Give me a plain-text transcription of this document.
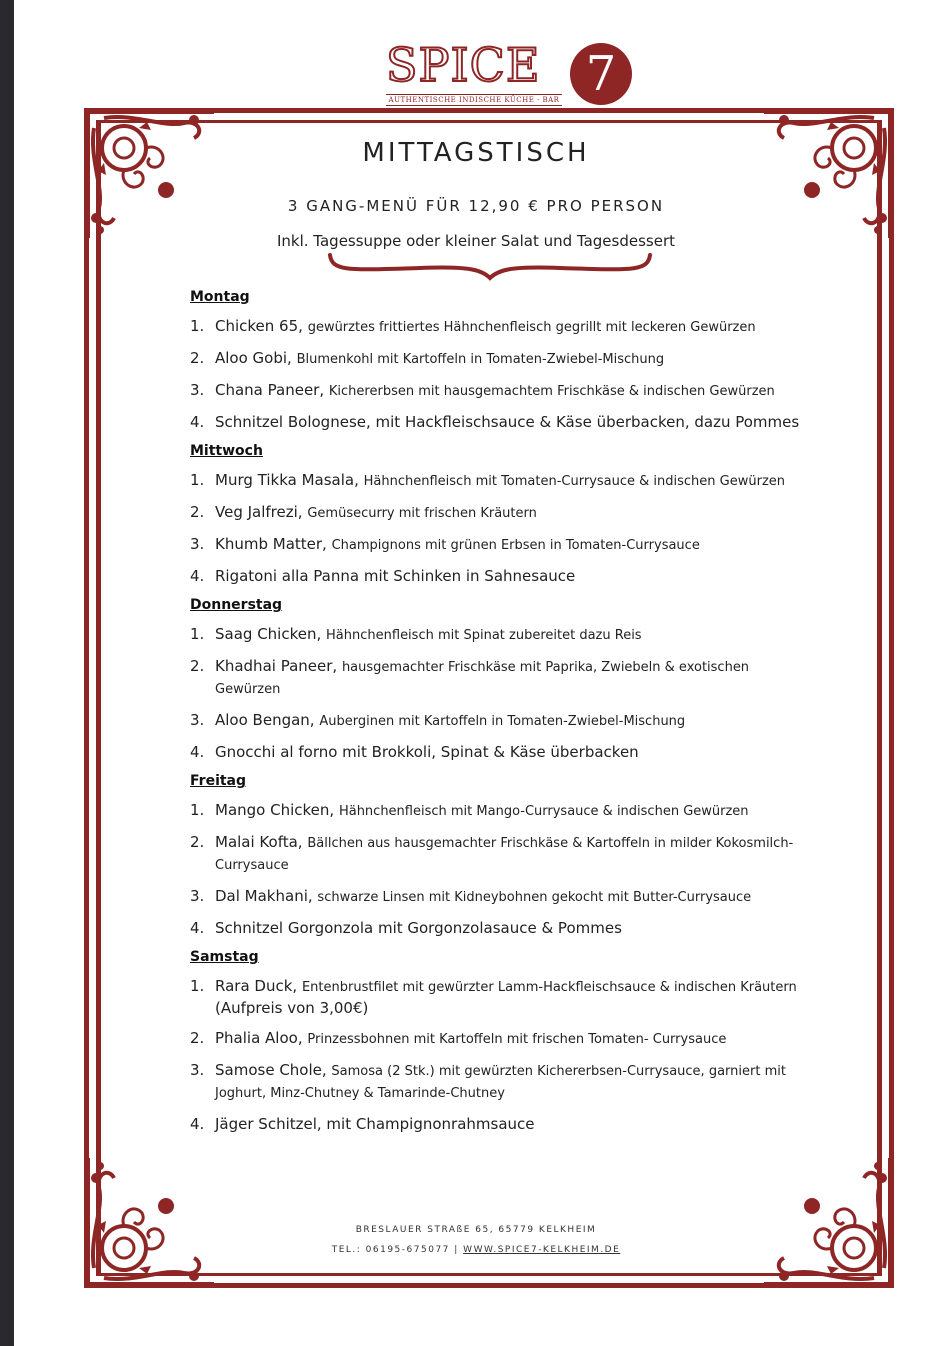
SPICE 7
AUTHENTISCHE INDISCHE KÜCHE · BAR
MITTAGSTISCH
3 GANG-MENÜ FÜR 12,90 € PRO PERSON
Inkl. Tagessuppe oder kleiner Salat und Tagesdessert
Montag
1. Chicken 65, gewürztes frittiertes Hähnchenfleisch gegrillt mit leckeren Gewürzen
2. Aloo Gobi, Blumenkohl mit Kartoffeln in Tomaten-Zwiebel-Mischung
3. Chana Paneer, Kichererbsen mit hausgemachtem Frischkäse & indischen Gewürzen
4. Schnitzel Bolognese, mit Hackfleischsauce & Käse überbacken, dazu Pommes
Mittwoch
1. Murg Tikka Masala, Hähnchenfleisch mit Tomaten-Currysauce & indischen Gewürzen
2. Veg Jalfrezi, Gemüsecurry mit frischen Kräutern
3. Khumb Matter, Champignons mit grünen Erbsen in Tomaten-Currysauce
4. Rigatoni alla Panna mit Schinken in Sahnesauce
Donnerstag
1. Saag Chicken, Hähnchenfleisch mit Spinat zubereitet dazu Reis
2. Khadhai Paneer, hausgemachter Frischkäse mit Paprika, Zwiebeln & exotischen Gewürzen
3. Aloo Bengan, Auberginen mit Kartoffeln in Tomaten-Zwiebel-Mischung
4. Gnocchi al forno mit Brokkoli, Spinat & Käse überbacken
Freitag
1. Mango Chicken, Hähnchenfleisch mit Mango-Currysauce & indischen Gewürzen
2. Malai Kofta, Bällchen aus hausgemachter Frischkäse & Kartoffeln in milder Kokosmilch-Currysauce
3. Dal Makhani, schwarze Linsen mit Kidneybohnen gekocht mit Butter-Currysauce
4. Schnitzel Gorgonzola mit Gorgonzolasauce & Pommes
Samstag
1. Rara Duck, Entenbrustfilet mit gewürzter Lamm-Hackfleischsauce & indischen Kräutern
(Aufpreis von 3,00€)
2. Phalia Aloo, Prinzessbohnen mit Kartoffeln mit frischen Tomaten- Currysauce
3. Samose Chole, Samosa (2 Stk.) mit gewürzten Kichererbsen-Currysauce, garniert mit Joghurt, Minz-Chutney & Tamarinde-Chutney
4. Jäger Schitzel, mit Champignonrahmsauce
BRESLAUER STRAßE 65, 65779 KELKHEIM
TEL.: 06195-675077 | WWW.SPICE7-KELKHEIM.DE
